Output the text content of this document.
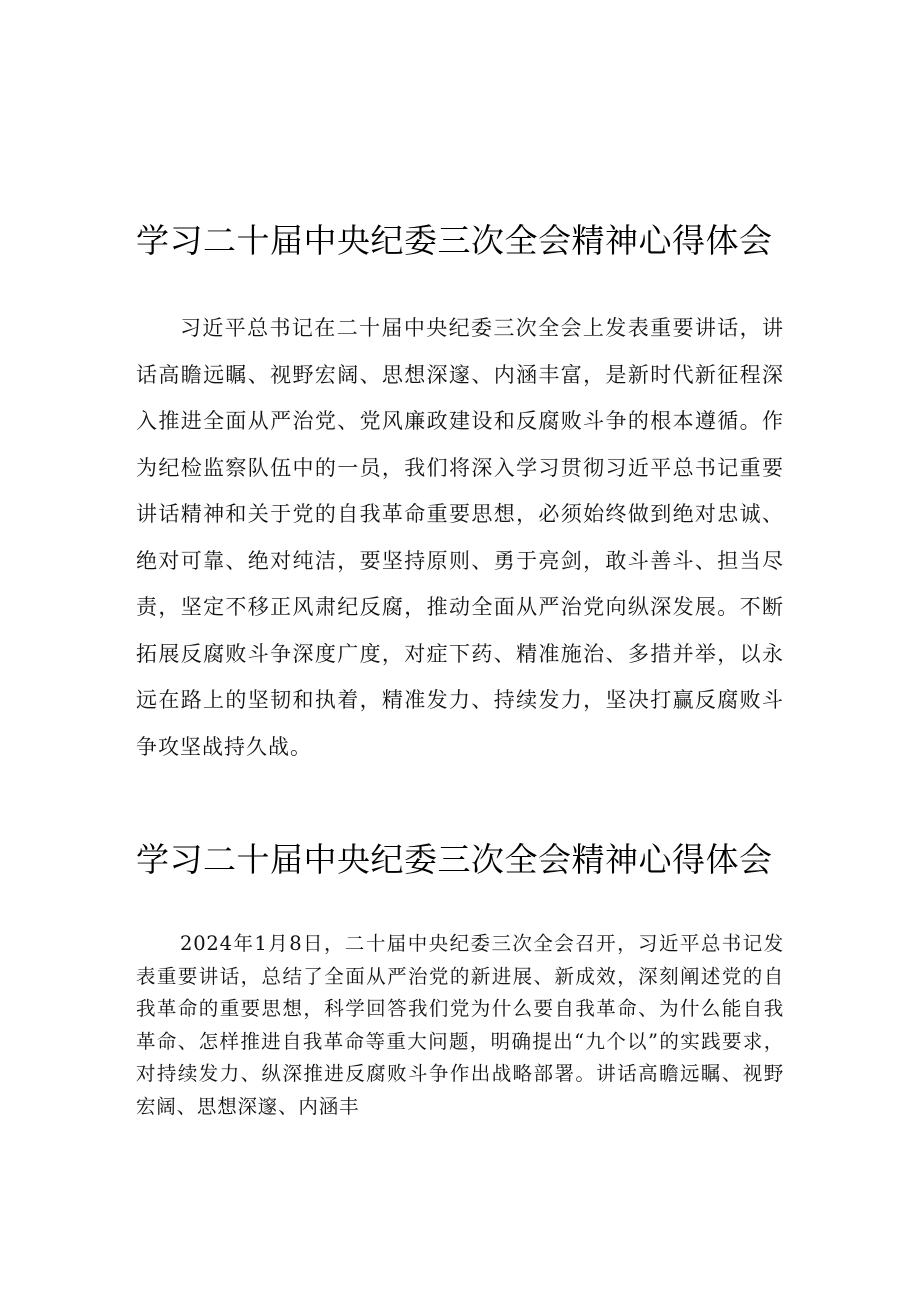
学习二十届中央纪委三次全会精神心得体会

习近平总书记在二十届中央纪委三次全会上发表重要讲话，讲话高瞻远瞩、视野宏阔、思想深邃、内涵丰富，是新时代新征程深入推进全面从严治党、党风廉政建设和反腐败斗争的根本遵循。作为纪检监察队伍中的一员，我们将深入学习贯彻习近平总书记重要讲话精神和关于党的自我革命重要思想，必须始终做到绝对忠诚、绝对可靠、绝对纯洁，要坚持原则、勇于亮剑，敢斗善斗、担当尽责，坚定不移正风肃纪反腐，推动全面从严治党向纵深发展。不断拓展反腐败斗争深度广度，对症下药、精准施治、多措并举，以永远在路上的坚韧和执着，精准发力、持续发力，坚决打赢反腐败斗争攻坚战持久战。

学习二十届中央纪委三次全会精神心得体会

2024年1月8日，二十届中央纪委三次全会召开，习近平总书记发表重要讲话，总结了全面从严治党的新进展、新成效，深刻阐述党的自我革命的重要思想，科学回答我们党为什么要自我革命、为什么能自我革命、怎样推进自我革命等重大问题，明确提出“九个以”的实践要求，对持续发力、纵深推进反腐败斗争作出战略部署。讲话高瞻远瞩、视野宏阔、思想深邃、内涵丰
